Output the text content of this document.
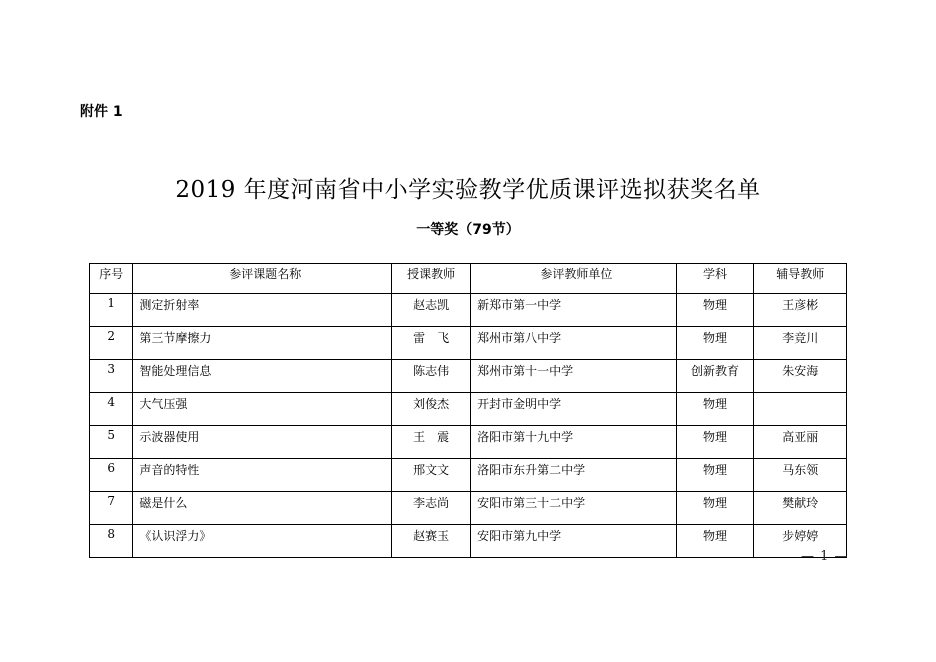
附件 1
2019 年度河南省中小学实验教学优质课评选拟获奖名单
一等奖（79节）
序号	参评课题名称	授课教师	参评教师单位	学科	辅导教师
1	测定折射率	赵志凯	新郑市第一中学	物理	王彦彬
2	第三节摩擦力	雷　飞	郑州市第八中学	物理	李竞川
3	智能处理信息	陈志伟	郑州市第十一中学	创新教育	朱安海
4	大气压强	刘俊杰	开封市金明中学	物理	
5	示波器使用	王　震	洛阳市第十九中学	物理	高亚丽
6	声音的特性	邢文文	洛阳市东升第二中学	物理	马东领
7	磁是什么	李志尚	安阳市第三十二中学	物理	樊献玲
8	《认识浮力》	赵赛玉	安阳市第九中学	物理	步婷婷
— 1 —
